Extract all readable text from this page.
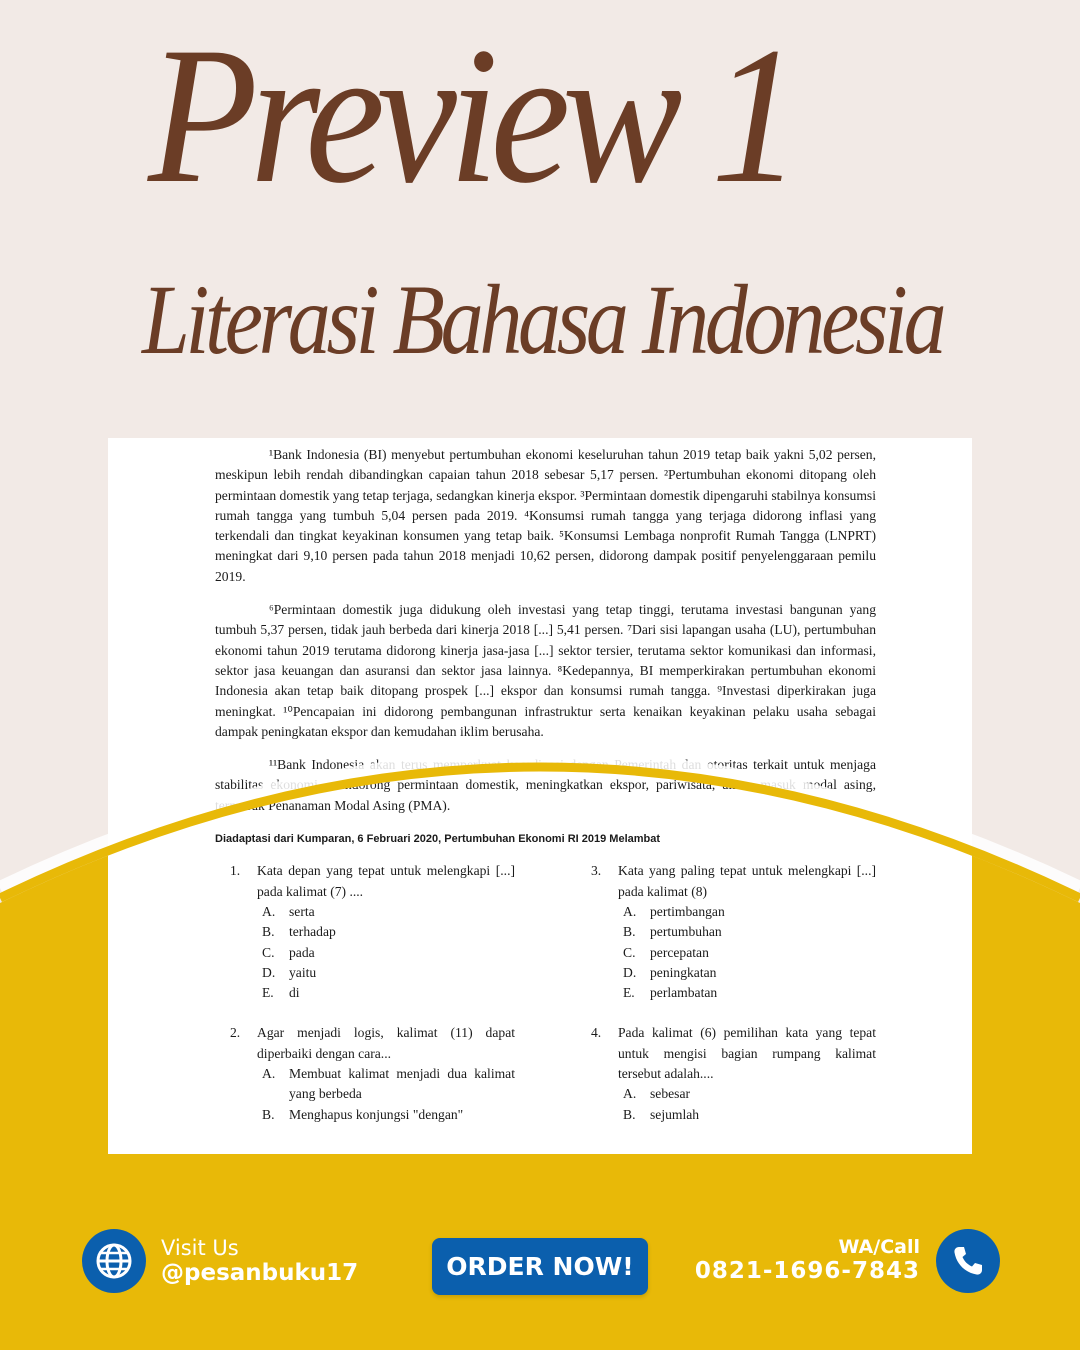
Preview 1
Literasi Bahasa Indonesia

¹Bank Indonesia (BI) menyebut pertumbuhan ekonomi keseluruhan tahun 2019 tetap baik yakni 5,02 persen, meskipun lebih rendah dibandingkan capaian tahun 2018 sebesar 5,17 persen. ²Pertumbuhan ekonomi ditopang oleh permintaan domestik yang tetap terjaga, sedangkan kinerja ekspor. ³Permintaan domestik dipengaruhi stabilnya konsumsi rumah tangga yang tumbuh 5,04 persen pada 2019. ⁴Konsumsi rumah tangga yang terjaga didorong inflasi yang terkendali dan tingkat keyakinan konsumen yang tetap baik. ⁵Konsumsi Lembaga nonprofit Rumah Tangga (LNPRT) meningkat dari 9,10 persen pada tahun 2018 menjadi 10,62 persen, didorong dampak positif penyelenggaraan pemilu 2019.

⁶Permintaan domestik juga didukung oleh investasi yang tetap tinggi, terutama investasi bangunan yang tumbuh 5,37 persen, tidak jauh berbeda dari kinerja 2018 [...] 5,41 persen. ⁷Dari sisi lapangan usaha (LU), pertumbuhan ekonomi tahun 2019 terutama didorong kinerja jasa-jasa [...] sektor tersier, terutama sektor komunikasi dan informasi, sektor jasa keuangan dan asuransi dan sektor jasa lainnya. ⁸Kedepannya, BI memperkirakan pertumbuhan ekonomi Indonesia akan tetap baik ditopang prospek [...] ekspor dan konsumsi rumah tangga. ⁹Investasi diperkirakan juga meningkat. ¹⁰Pencapaian ini didorong pembangunan infrastruktur serta kenaikan keyakinan pelaku usaha sebagai dampak peningkatan ekspor dan kemudahan iklim berusaha.

¹¹Bank Indonesia akan terus memperkuat koordinasi dengan Pemerintah dan otoritas terkait untuk menjaga stabilitas ekonomi, mendorong permintaan domestik, meningkatkan ekspor, pariwisata, aliran masuk modal asing, termasuk Penanaman Modal Asing (PMA).

Diadaptasi dari Kumparan, 6 Februari 2020, Pertumbuhan Ekonomi RI 2019 Melambat

1. Kata depan yang tepat untuk melengkapi [...] pada kalimat (7) ....
A. serta
B. terhadap
C. pada
D. yaitu
E. di
2. Agar menjadi logis, kalimat (11) dapat diperbaiki dengan cara...
A. Membuat kalimat menjadi dua kalimat yang berbeda
B. Menghapus konjungsi "dengan"
3. Kata yang paling tepat untuk melengkapi [...] pada kalimat (8)
A. pertimbangan
B. pertumbuhan
C. percepatan
D. peningkatan
E. perlambatan
4. Pada kalimat (6) pemilihan kata yang tepat untuk mengisi bagian rumpang kalimat tersebut adalah....
A. sebesar
B. sejumlah
Visit Us
@pesanbuku17	ORDER NOW!
WA/Call
0821-1696-7843
